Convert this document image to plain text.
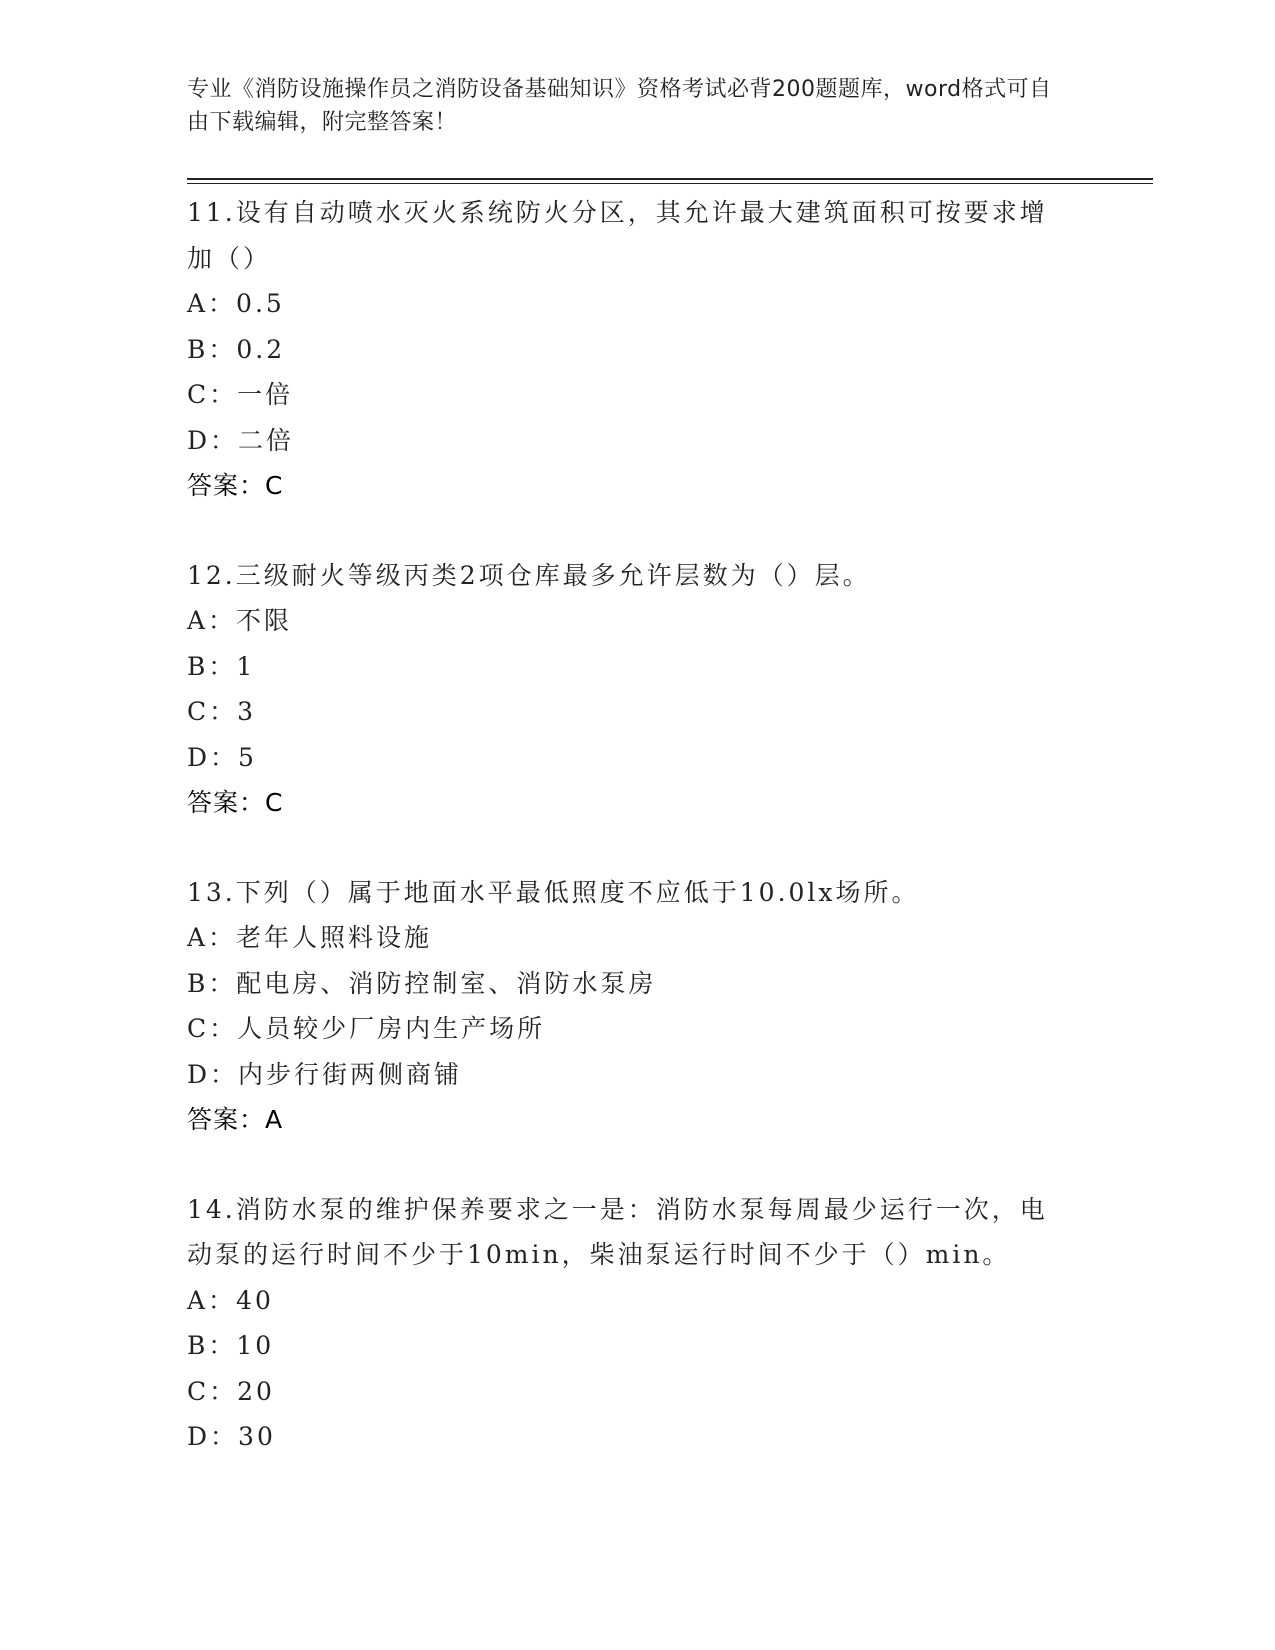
专业《消防设施操作员之消防设备基础知识》资格考试必背200题题库，word格式可自由下载编辑，附完整答案！
11.设有自动喷水灭火系统防火分区，其允许最大建筑面积可按要求增加（）
A：0.5
B：0.2
C：一倍
D：二倍
答案：C
12.三级耐火等级丙类2项仓库最多允许层数为（）层。
A：不限
B：1
C：3
D：5
答案：C
13.下列（）属于地面水平最低照度不应低于10.0lx场所。
A：老年人照料设施
B：配电房、消防控制室、消防水泵房
C：人员较少厂房内生产场所
D：内步行街两侧商铺
答案：A
14.消防水泵的维护保养要求之一是：消防水泵每周最少运行一次，电动泵的运行时间不少于10min，柴油泵运行时间不少于（）min。
A：40
B：10
C：20
D：30
